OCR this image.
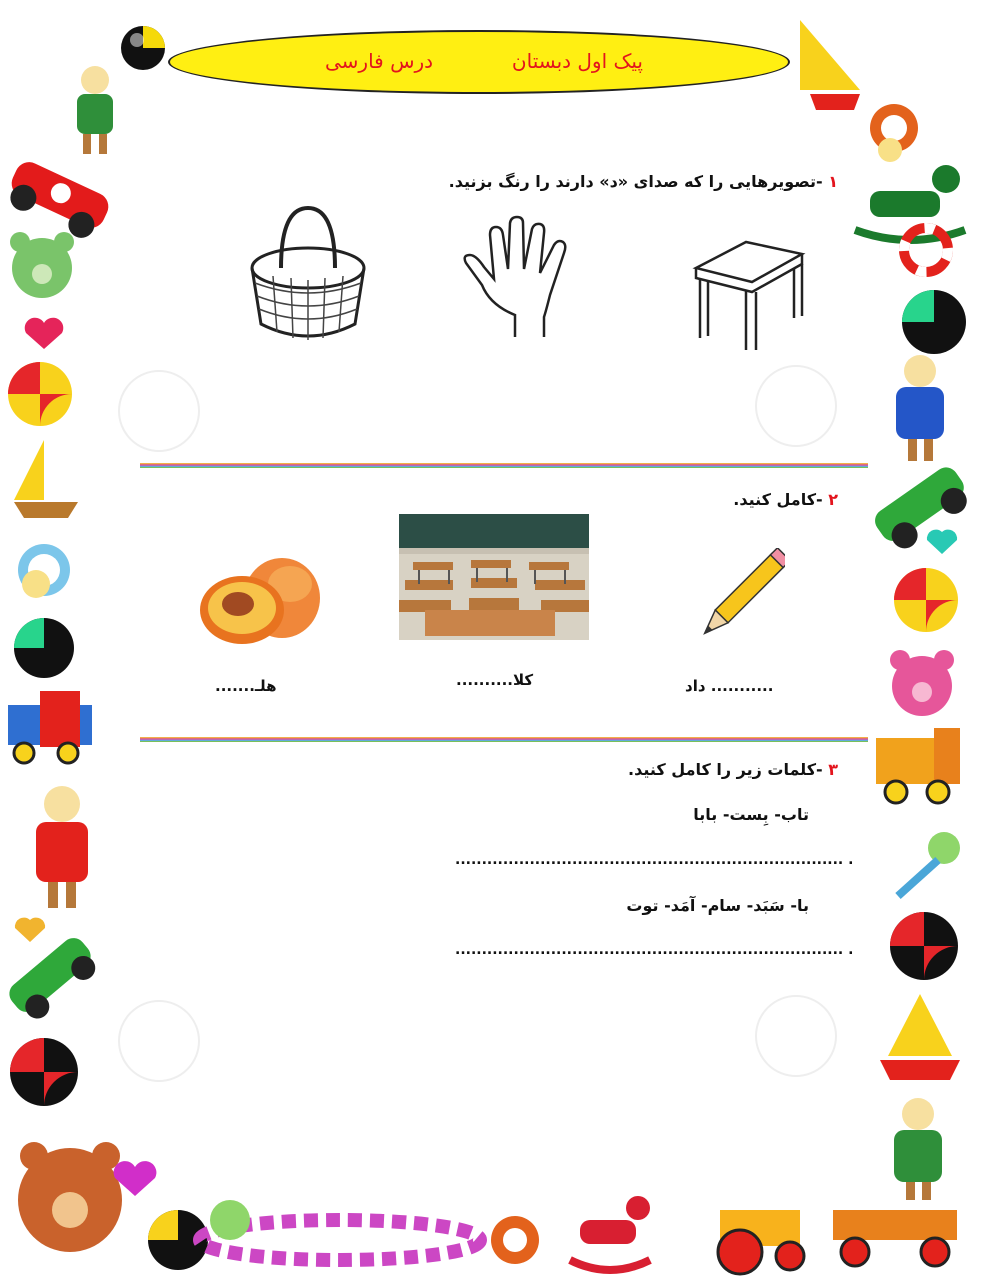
پیک اول دبستان
درس فارسی
۱ -تصویرهایی را که صدای «د» دارند را رنگ بزنید.
۲ -کامل کنید.
........... داد
کلا..........
هلـ.......
۳ -کلمات زیر را کامل کنید.
تاب- بِست- بابا
......................................................................... .
با- سَبَد- سام- آمَد- توت
......................................................................... .
